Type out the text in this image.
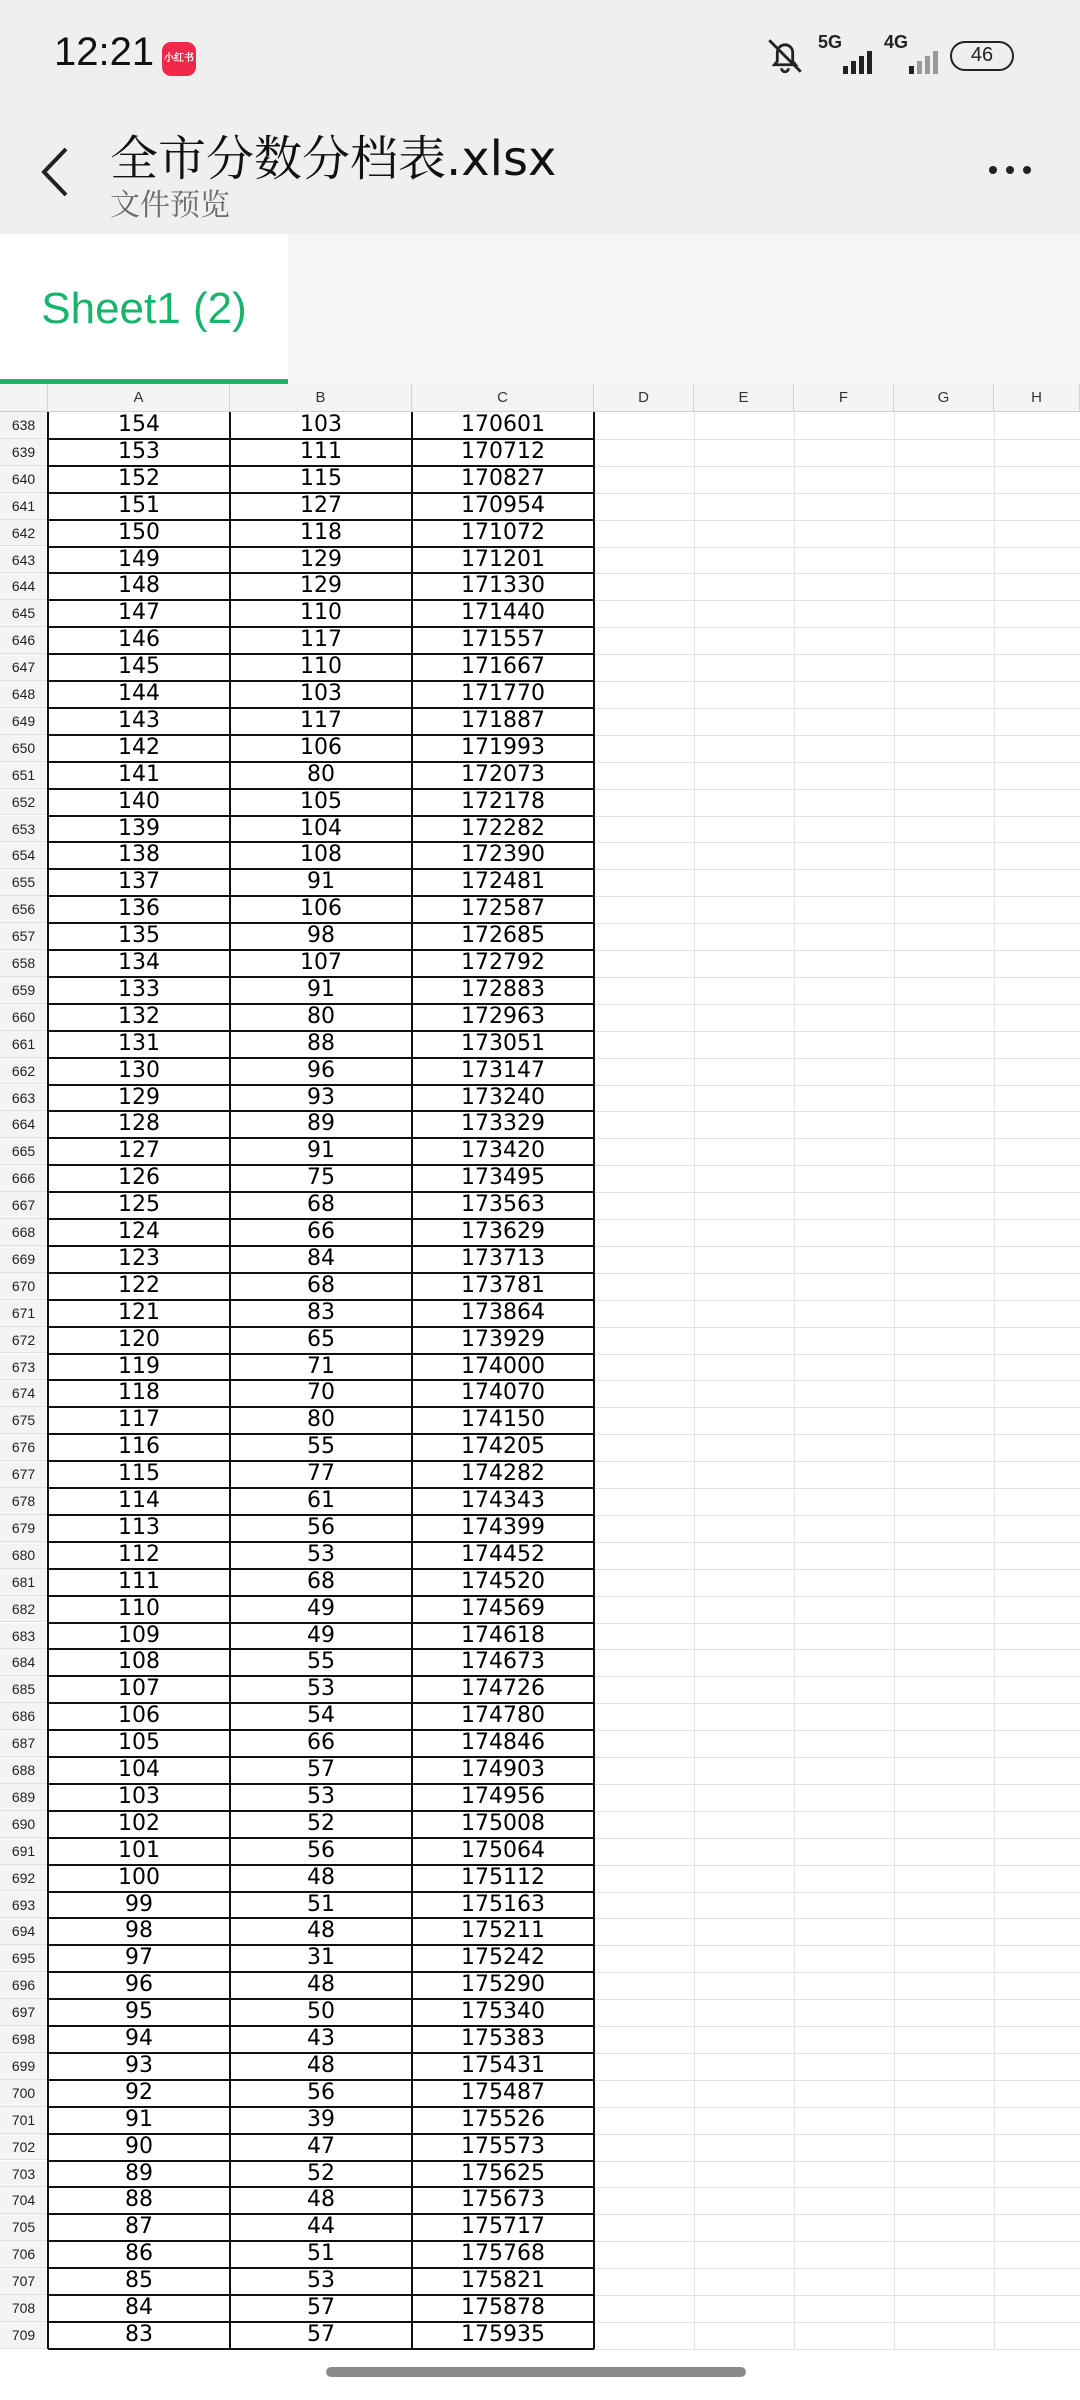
12:21 小红书
5G 4G
46
全市分数分档表.xlsx
文件预览
Sheet1 (2)
A	B	C	D	E	F	G	H
638	154	103	170601
639	153	111	170712
640	152	115	170827
641	151	127	170954
642	150	118	171072
643	149	129	171201
644	148	129	171330
645	147	110	171440
646	146	117	171557
647	145	110	171667
648	144	103	171770
649	143	117	171887
650	142	106	171993
651	141	80	172073
652	140	105	172178
653	139	104	172282
654	138	108	172390
655	137	91	172481
656	136	106	172587
657	135	98	172685
658	134	107	172792
659	133	91	172883
660	132	80	172963
661	131	88	173051
662	130	96	173147
663	129	93	173240
664	128	89	173329
665	127	91	173420
666	126	75	173495
667	125	68	173563
668	124	66	173629
669	123	84	173713
670	122	68	173781
671	121	83	173864
672	120	65	173929
673	119	71	174000
674	118	70	174070
675	117	80	174150
676	116	55	174205
677	115	77	174282
678	114	61	174343
679	113	56	174399
680	112	53	174452
681	111	68	174520
682	110	49	174569
683	109	49	174618
684	108	55	174673
685	107	53	174726
686	106	54	174780
687	105	66	174846
688	104	57	174903
689	103	53	174956
690	102	52	175008
691	101	56	175064
692	100	48	175112
693	99	51	175163
694	98	48	175211
695	97	31	175242
696	96	48	175290
697	95	50	175340
698	94	43	175383
699	93	48	175431
700	92	56	175487
701	91	39	175526
702	90	47	175573
703	89	52	175625
704	88	48	175673
705	87	44	175717
706	86	51	175768
707	85	53	175821
708	84	57	175878
709	83	57	175935
